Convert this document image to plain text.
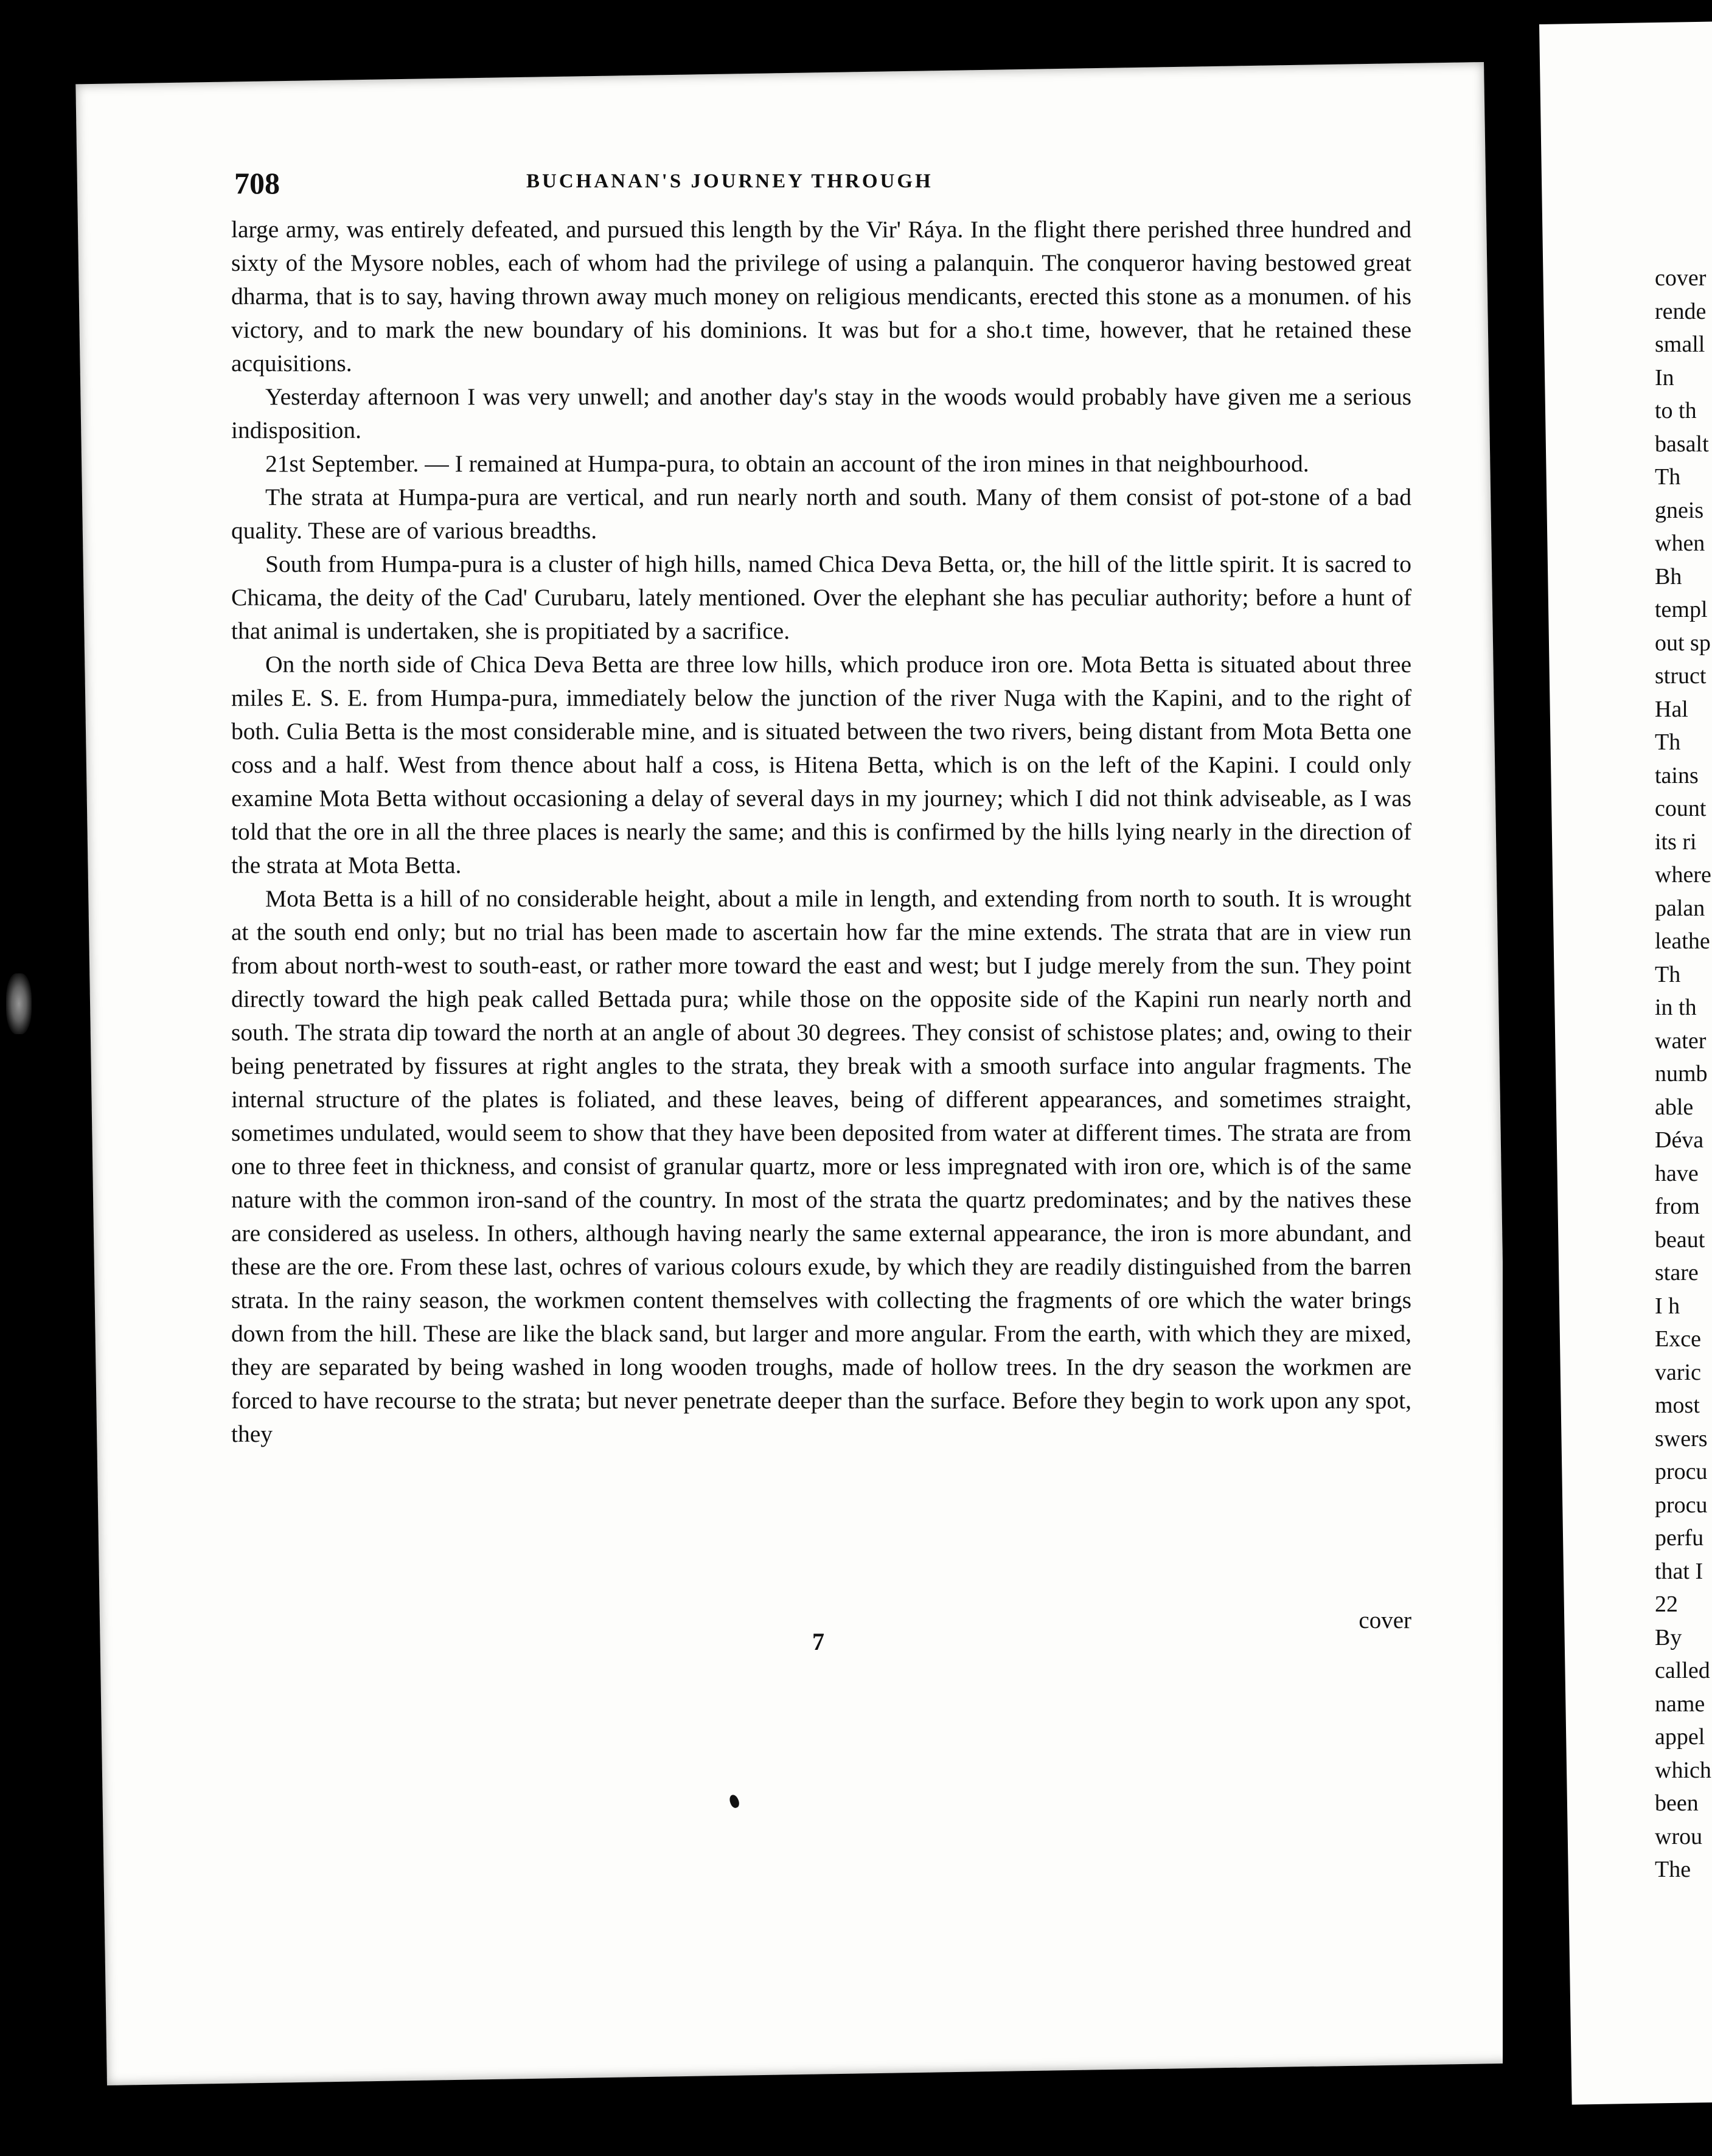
708	BUCHANAN'S JOURNEY THROUGH

large army, was entirely defeated, and pursued this length by the Vir' Ráya. In the flight there perished three hundred and sixty of the Mysore nobles, each of whom had the privilege of using a palanquin. The conqueror having bestowed great dharma, that is to say, having thrown away much money on religious mendicants, erected this stone as a monumen. of his victory, and to mark the new boundary of his dominions. It was but for a sho.t time, however, that he retained these acquisitions.

Yesterday afternoon I was very unwell; and another day's stay in the woods would probably have given me a serious indisposition.

21st September. — I remained at Humpa-pura, to obtain an account of the iron mines in that neighbourhood.

The strata at Humpa-pura are vertical, and run nearly north and south. Many of them consist of pot-stone of a bad quality. These are of various breadths.

South from Humpa-pura is a cluster of high hills, named Chica Deva Betta, or, the hill of the little spirit. It is sacred to Chicama, the deity of the Cad' Curubaru, lately mentioned. Over the elephant she has peculiar authority; before a hunt of that animal is undertaken, she is propitiated by a sacrifice.

On the north side of Chica Deva Betta are three low hills, which produce iron ore. Mota Betta is situated about three miles E. S. E. from Humpa-pura, immediately below the junction of the river Nuga with the Kapini, and to the right of both. Culia Betta is the most considerable mine, and is situated between the two rivers, being distant from Mota Betta one coss and a half. West from thence about half a coss, is Hitena Betta, which is on the left of the Kapini. I could only examine Mota Betta without occasioning a delay of several days in my journey; which I did not think adviseable, as I was told that the ore in all the three places is nearly the same; and this is confirmed by the hills lying nearly in the direction of the strata at Mota Betta.

Mota Betta is a hill of no considerable height, about a mile in length, and extending from north to south. It is wrought at the south end only; but no trial has been made to ascertain how far the mine extends. The strata that are in view run from about north-west to south-east, or rather more toward the east and west; but I judge merely from the sun. They point directly toward the high peak called Bettada pura; while those on the opposite side of the Kapini run nearly north and south. The strata dip toward the north at an angle of about 30 degrees. They consist of schistose plates; and, owing to their being penetrated by fissures at right angles to the strata, they break with a smooth surface into angular fragments. The internal structure of the plates is foliated, and these leaves, being of different appearances, and sometimes straight, sometimes undulated, would seem to show that they have been deposited from water at different times. The strata are from one to three feet in thickness, and consist of granular quartz, more or less impregnated with iron ore, which is of the same nature with the common iron-sand of the country. In most of the strata the quartz predominates; and by the natives these are considered as useless. In others, although having nearly the same external appearance, the iron is more abundant, and these are the ore. From these last, ochres of various colours exude, by which they are readily distinguished from the barren strata. In the rainy season, the workmen content themselves with collecting the fragments of ore which the water brings down from the hill. These are like the black sand, but larger and more angular. From the earth, with which they are mixed, they are separated by being washed in long wooden troughs, made of hollow trees. In the dry season the workmen are forced to have recourse to the strata; but never penetrate deeper than the surface. Before they begin to work upon any spot, they

cover
7
cover
rende
small
In
to th
basalt
Th
gneis
when
Bh
templ
out sp
struct
Hal
Th
tains
count
its ri
where
palan
leathe
Th
in th
water
numb
able
Déva
have
from
beaut
stare
I h
Exce
varic
most
swers
procu
procu
perfu
that I
22
By
called
name
appel
which
been
wrou
The
